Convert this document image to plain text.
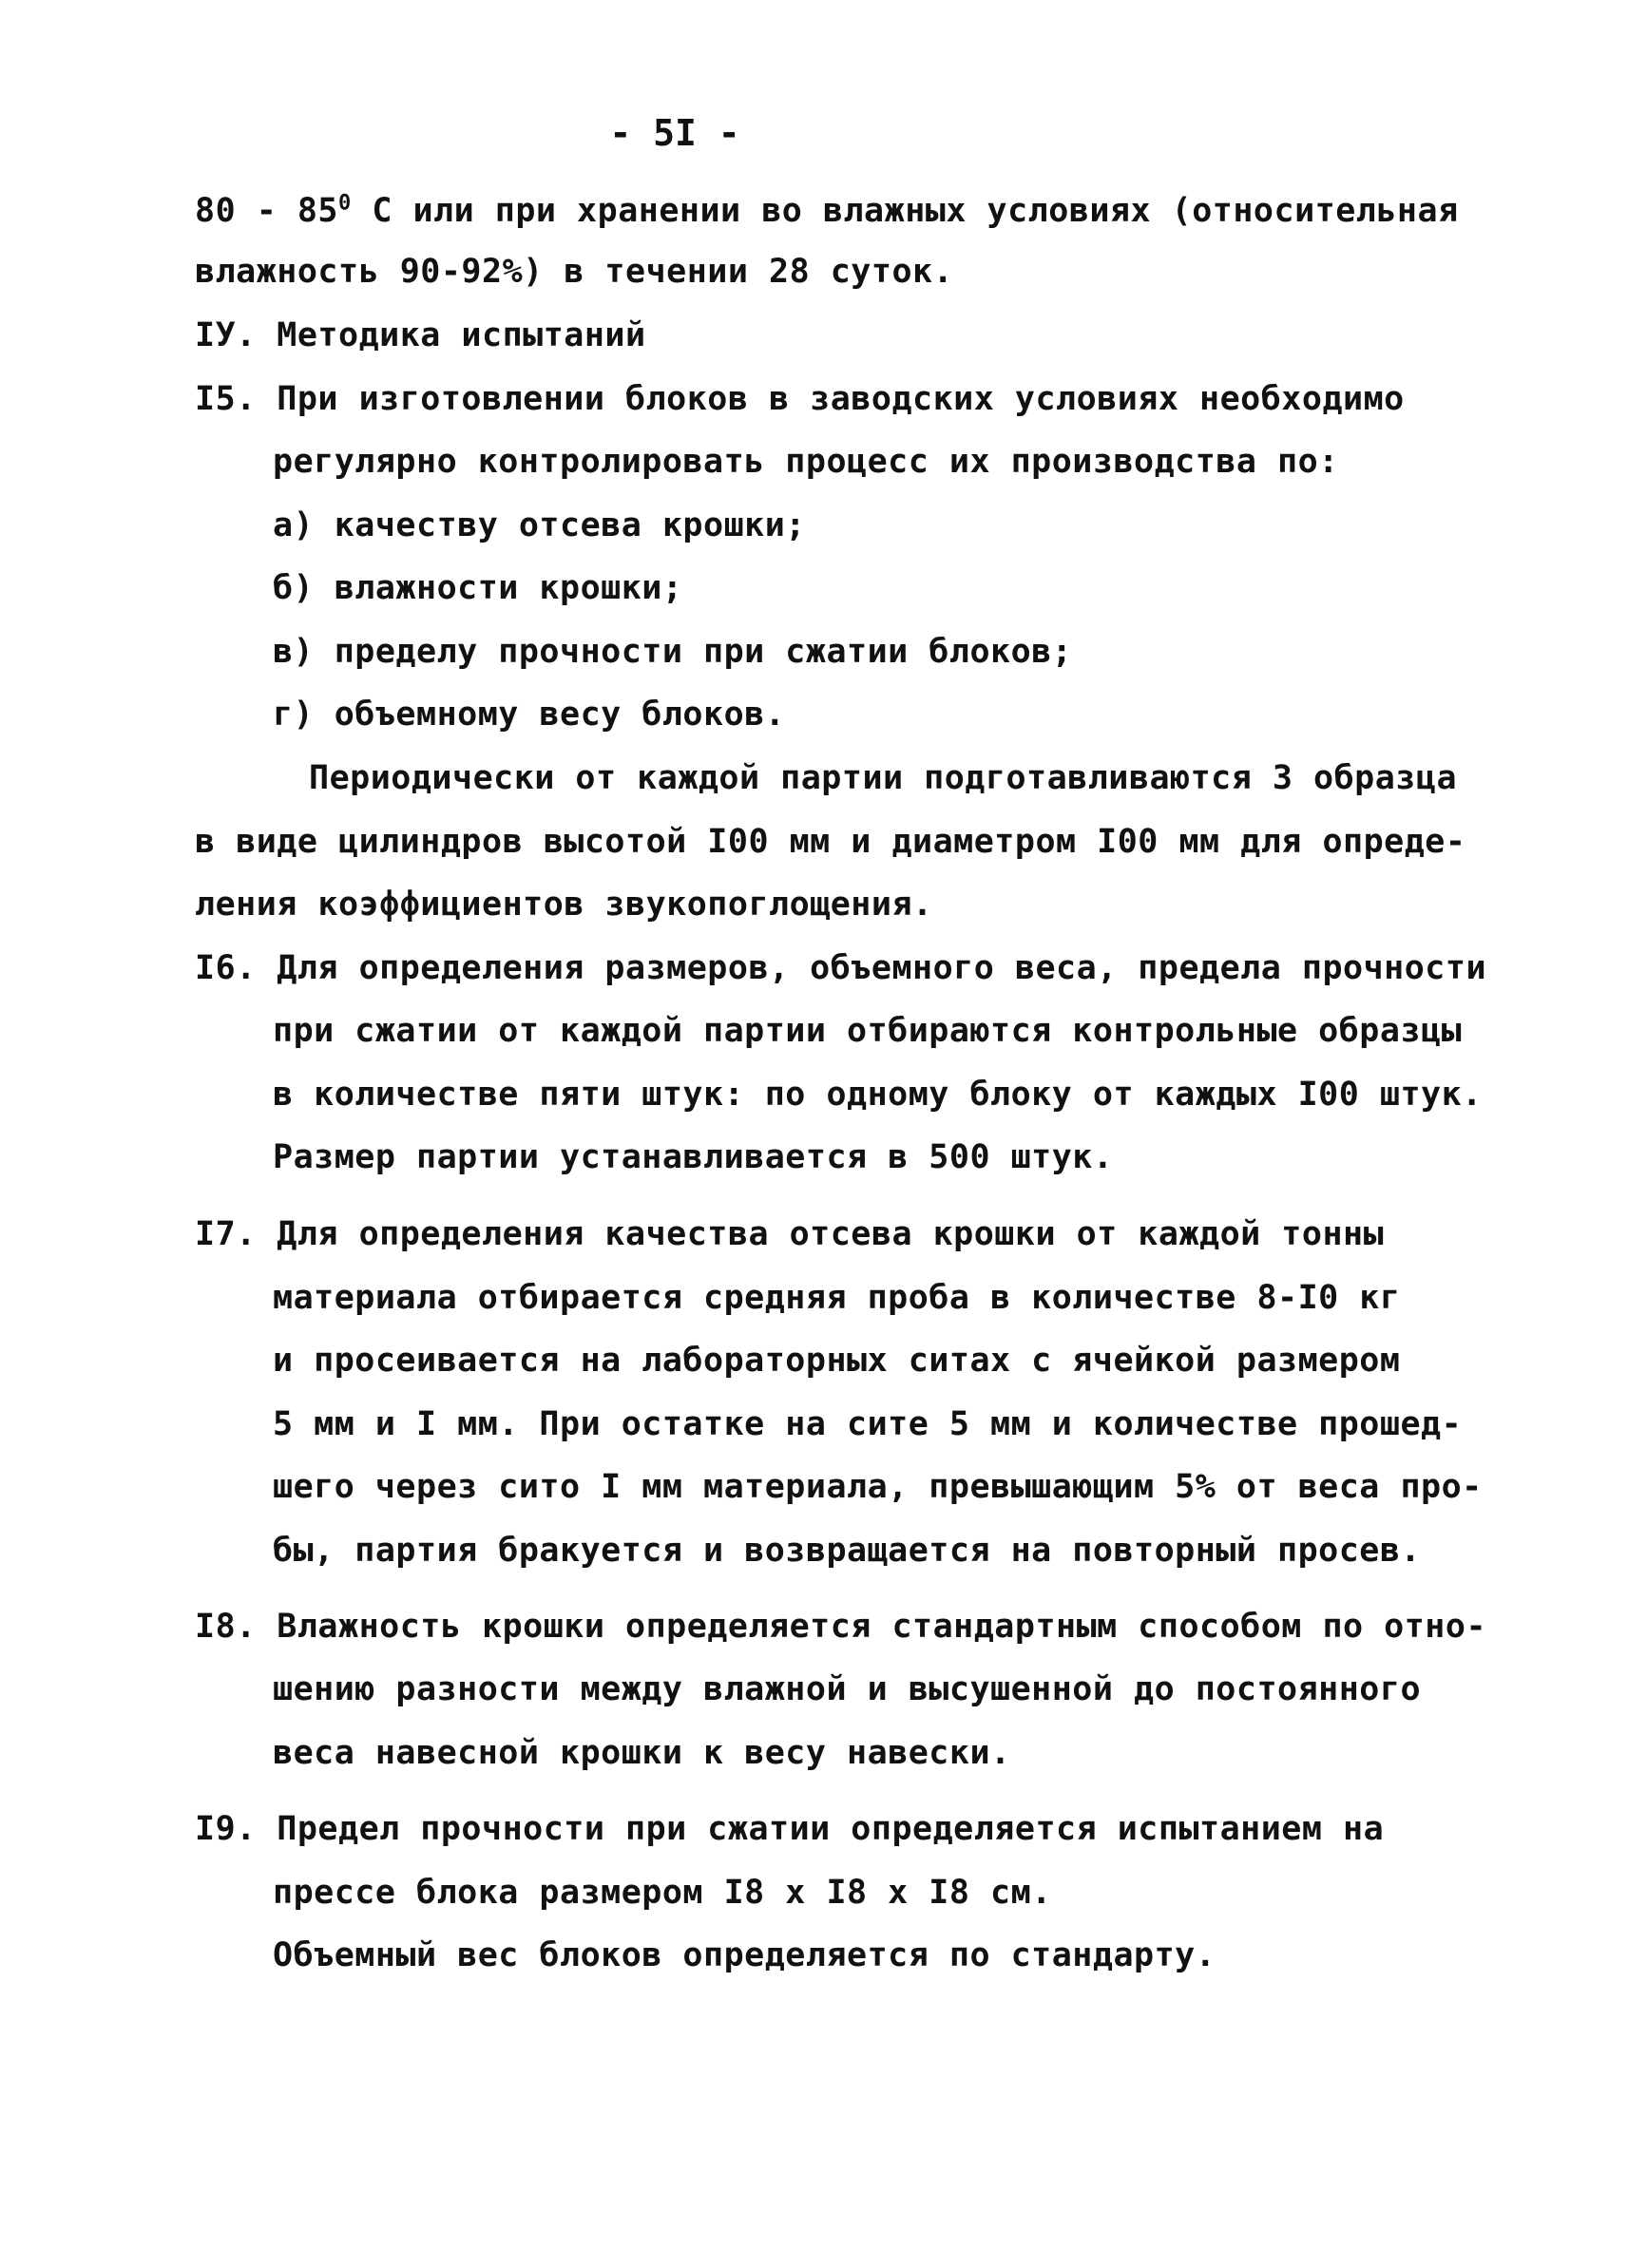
- 5I -
$80 - 85^0$ С или при хранении во влажных условиях (относительная
влажность 90-92%) в течении 28 суток.
IУ. Методика испытаний
I5. При изготовлении блоков в заводских условиях необходимо
регулярно контролировать процесс их производства по:
а) качеству отсева крошки;
б) влажности крошки;
в) пределу прочности при сжатии блоков;
г) объемному весу блоков.
Периодически от каждой партии подготавливаются 3 образца
в виде цилиндров высотой I00 мм и диаметром I00 мм для опреде-
ления коэффициентов звукопоглощения.
I6. Для определения размеров, объемного веса, предела прочности
при сжатии от каждой партии отбираются контрольные образцы
в количестве пяти штук: по одному блоку от каждых I00 штук.
Размер партии устанавливается в 500 штук.
I7. Для определения качества отсева крошки от каждой тонны
материала отбирается средняя проба в количестве 8-I0 кг
и просеивается на лабораторных ситах с ячейкой размером
5 мм и I мм. При остатке на сите 5 мм и количестве прошед-
шего через сито I мм материала, превышающим 5% от веса про-
бы, партия бракуется и возвращается на повторный просев.
I8. Влажность крошки определяется стандартным способом по отно-
шению разности между влажной и высушенной до постоянного
веса навесной крошки к весу навески.
I9. Предел прочности при сжатии определяется испытанием на
прессе блока размером I8 х I8 х I8 см.
Объемный вес блоков определяется по стандарту.
